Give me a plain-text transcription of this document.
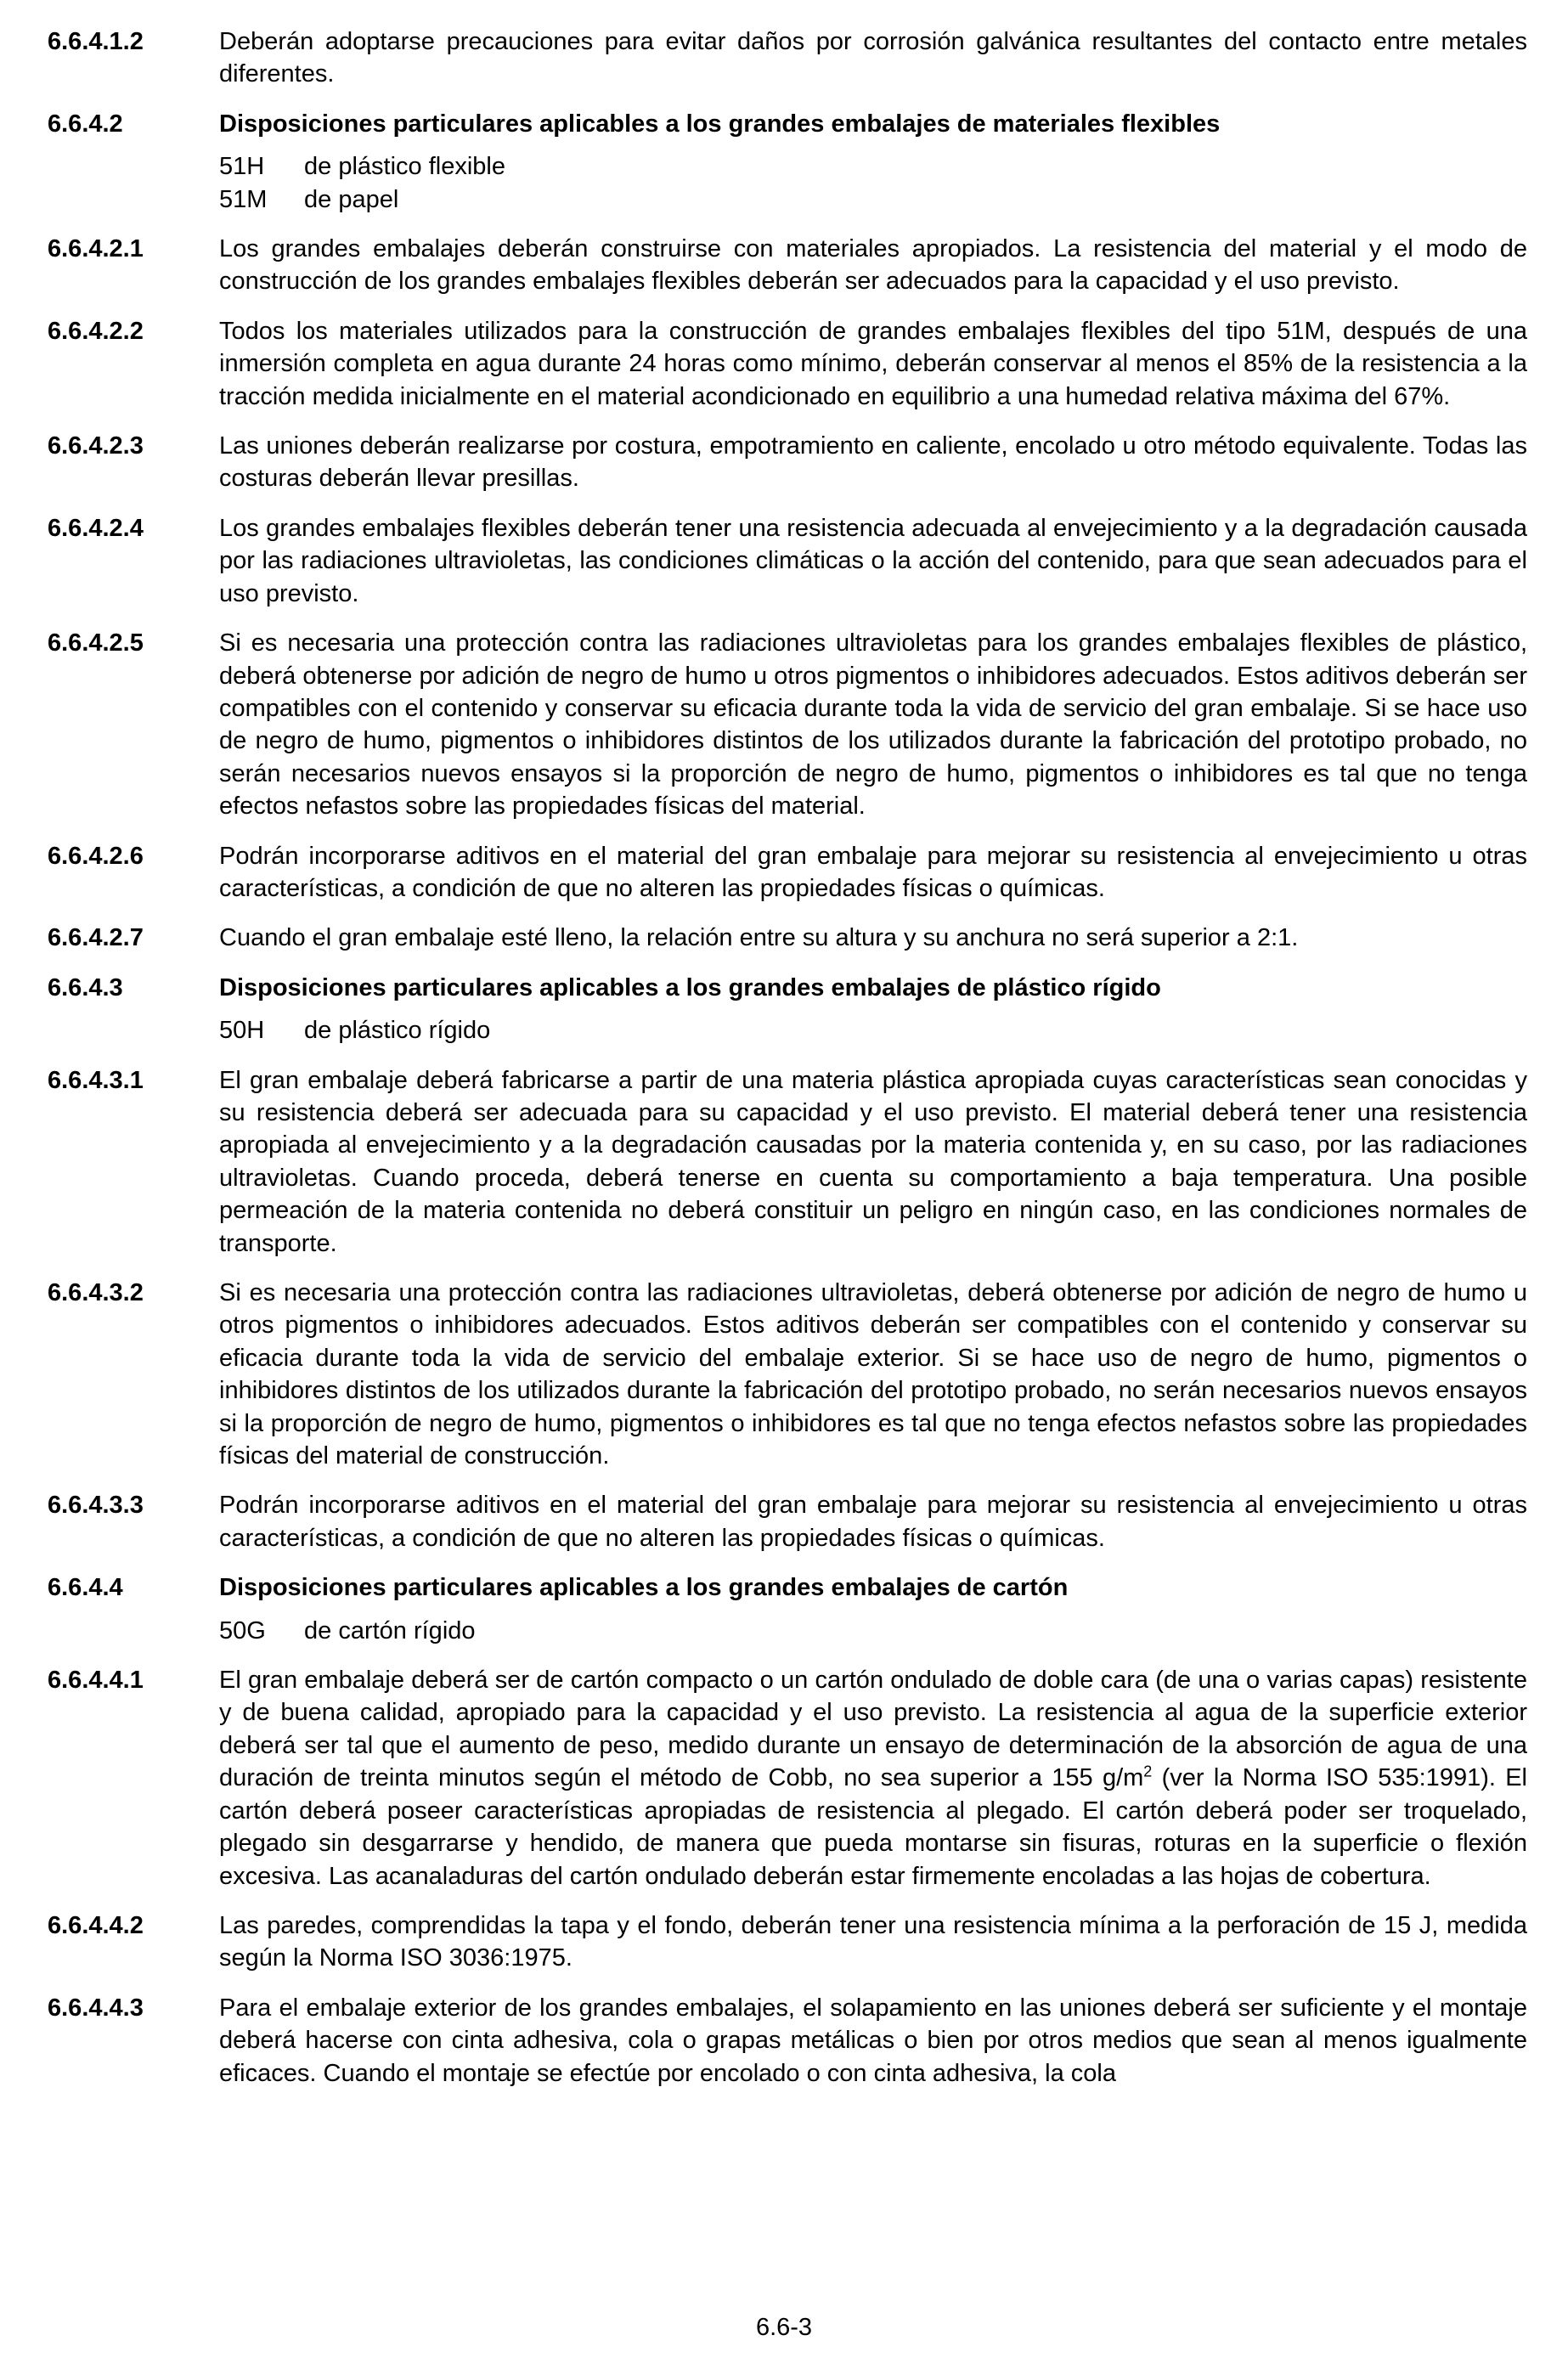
6.6.4.1.2	Deberán adoptarse precauciones para evitar daños por corrosión galvánica resultantes del contacto entre metales diferentes.
6.6.4.2	Disposiciones particulares aplicables a los grandes embalajes de materiales flexibles
51H	de plástico flexible
51M	de papel
6.6.4.2.1	Los grandes embalajes deberán construirse con materiales apropiados. La resistencia del material y el modo de construcción de los grandes embalajes flexibles deberán ser adecuados para la capacidad y el uso previsto.
6.6.4.2.2	Todos los materiales utilizados para la construcción de grandes embalajes flexibles del tipo 51M, después de una inmersión completa en agua durante 24 horas como mínimo, deberán conservar al menos el 85% de la resistencia a la tracción medida inicialmente en el material acondicionado en equilibrio a una humedad relativa máxima del 67%.
6.6.4.2.3	Las uniones deberán realizarse por costura, empotramiento en caliente, encolado u otro método equivalente. Todas las costuras deberán llevar presillas.
6.6.4.2.4	Los grandes embalajes flexibles deberán tener una resistencia adecuada al envejecimiento y a la degradación causada por las radiaciones ultravioletas, las condiciones climáticas o la acción del contenido, para que sean adecuados para el uso previsto.
6.6.4.2.5	Si es necesaria una protección contra las radiaciones ultravioletas para los grandes embalajes flexibles de plástico, deberá obtenerse por adición de negro de humo u otros pigmentos o inhibidores adecuados. Estos aditivos deberán ser compatibles con el contenido y conservar su eficacia durante toda la vida de servicio del gran embalaje. Si se hace uso de negro de humo, pigmentos o inhibidores distintos de los utilizados durante la fabricación del prototipo probado, no serán necesarios nuevos ensayos si la proporción de negro de humo, pigmentos o inhibidores es tal que no tenga efectos nefastos sobre las propiedades físicas del material.
6.6.4.2.6	Podrán incorporarse aditivos en el material del gran embalaje para mejorar su resistencia al envejecimiento u otras características, a condición de que no alteren las propiedades físicas o químicas.
6.6.4.2.7	Cuando el gran embalaje esté lleno, la relación entre su altura y su anchura no será superior a 2:1.
6.6.4.3	Disposiciones particulares aplicables a los grandes embalajes de plástico rígido
50H	de plástico rígido
6.6.4.3.1	El gran embalaje deberá fabricarse a partir de una materia plástica apropiada cuyas características sean conocidas y su resistencia deberá ser adecuada para su capacidad y el uso previsto. El material deberá tener una resistencia apropiada al envejecimiento y a la degradación causadas por la materia contenida y, en su caso, por las radiaciones ultravioletas. Cuando proceda, deberá tenerse en cuenta su comportamiento a baja temperatura. Una posible permeación de la materia contenida no deberá constituir un peligro en ningún caso, en las condiciones normales de transporte.
6.6.4.3.2	Si es necesaria una protección contra las radiaciones ultravioletas, deberá obtenerse por adición de negro de humo u otros pigmentos o inhibidores adecuados. Estos aditivos deberán ser compatibles con el contenido y conservar su eficacia durante toda la vida de servicio del embalaje exterior. Si se hace uso de negro de humo, pigmentos o inhibidores distintos de los utilizados durante la fabricación del prototipo probado, no serán necesarios nuevos ensayos si la proporción de negro de humo, pigmentos o inhibidores es tal que no tenga efectos nefastos sobre las propiedades físicas del material de construcción.
6.6.4.3.3	Podrán incorporarse aditivos en el material del gran embalaje para mejorar su resistencia al envejecimiento u otras características, a condición de que no alteren las propiedades físicas o químicas.
6.6.4.4	Disposiciones particulares aplicables a los grandes embalajes de cartón
50G	de cartón rígido
6.6.4.4.1	El gran embalaje deberá ser de cartón compacto o un cartón ondulado de doble cara (de una o varias capas) resistente y de buena calidad, apropiado para la capacidad y el uso previsto. La resistencia al agua de la superficie exterior deberá ser tal que el aumento de peso, medido durante un ensayo de determinación de la absorción de agua de una duración de treinta minutos según el método de Cobb, no sea superior a 155 $g/m^2$ (ver la Norma ISO 535:1991). El cartón deberá poseer características apropiadas de resistencia al plegado. El cartón deberá poder ser troquelado, plegado sin desgarrarse y hendido, de manera que pueda montarse sin fisuras, roturas en la superficie o flexión excesiva. Las acanaladuras del cartón ondulado deberán estar firmemente encoladas a las hojas de cobertura.
6.6.4.4.2	Las paredes, comprendidas la tapa y el fondo, deberán tener una resistencia mínima a la perforación de 15 J, medida según la Norma ISO 3036:1975.
6.6.4.4.3	Para el embalaje exterior de los grandes embalajes, el solapamiento en las uniones deberá ser suficiente y el montaje deberá hacerse con cinta adhesiva, cola o grapas metálicas o bien por otros medios que sean al menos igualmente eficaces. Cuando el montaje se efectúe por encolado o con cinta adhesiva, la cola
6.6-3
